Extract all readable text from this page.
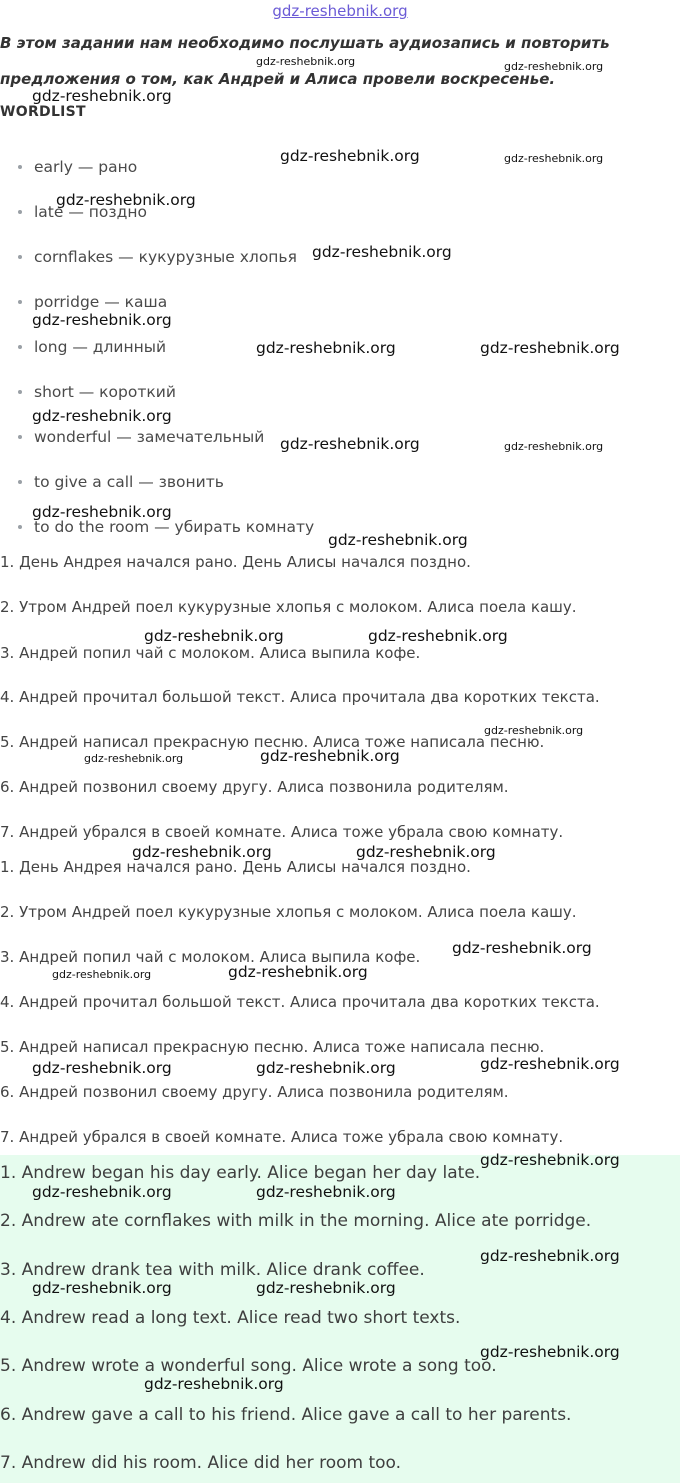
gdz-reshebnik.org
В этом задании нам необходимо послушать аудиозапись и повторить
предложения о том, как Андрей и Алиса провели воскресенье.
WORDLIST
early — рано
late — поздно
cornflakes — кукурузные хлопья
porridge — каша
long — длинный
short — короткий
wonderful — замечательный
to give a call — звонить
to do the room — убирать комнату
1. День Андрея начался рано. День Алисы начался поздно.
2. Утром Андрей поел кукурузные хлопья с молоком. Алиса поела кашу.
3. Андрей попил чай с молоком. Алиса выпила кофе.
4. Андрей прочитал большой текст. Алиса прочитала два коротких текста.
5. Андрей написал прекрасную песню. Алиса тоже написала песню.
6. Андрей позвонил своему другу. Алиса позвонила родителям.
7. Андрей убрался в своей комнате. Алиса тоже убрала свою комнату.
1. День Андрея начался рано. День Алисы начался поздно.
2. Утром Андрей поел кукурузные хлопья с молоком. Алиса поела кашу.
3. Андрей попил чай с молоком. Алиса выпила кофе.
4. Андрей прочитал большой текст. Алиса прочитала два коротких текста.
5. Андрей написал прекрасную песню. Алиса тоже написала песню.
6. Андрей позвонил своему другу. Алиса позвонила родителям.
7. Андрей убрался в своей комнате. Алиса тоже убрала свою комнату.
1. Andrew began his day early. Alice began her day late.
2. Andrew ate cornflakes with milk in the morning. Alice ate porridge.
3. Andrew drank tea with milk. Alice drank coffee.
4. Andrew read a long text. Alice read two short texts.
5. Andrew wrote a wonderful song. Alice wrote a song too.
6. Andrew gave a call to his friend. Alice gave a call to her parents.
7. Andrew did his room. Alice did her room too.
gdz-reshebnik.org	gdz-reshebnik.org
gdz-reshebnik.org
gdz-reshebnik.org	gdz-reshebnik.org
gdz-reshebnik.org
gdz-reshebnik.org
gdz-reshebnik.org
gdz-reshebnik.org	gdz-reshebnik.org
gdz-reshebnik.org
gdz-reshebnik.org	gdz-reshebnik.org
gdz-reshebnik.org
gdz-reshebnik.org
gdz-reshebnik.org	gdz-reshebnik.org
gdz-reshebnik.org
gdz-reshebnik.org	gdz-reshebnik.org
gdz-reshebnik.org	gdz-reshebnik.org
gdz-reshebnik.org
gdz-reshebnik.org	gdz-reshebnik.org
gdz-reshebnik.org	gdz-reshebnik.org	gdz-reshebnik.org
gdz-reshebnik.org
gdz-reshebnik.org	gdz-reshebnik.org
gdz-reshebnik.org
gdz-reshebnik.org	gdz-reshebnik.org
gdz-reshebnik.org
gdz-reshebnik.org
